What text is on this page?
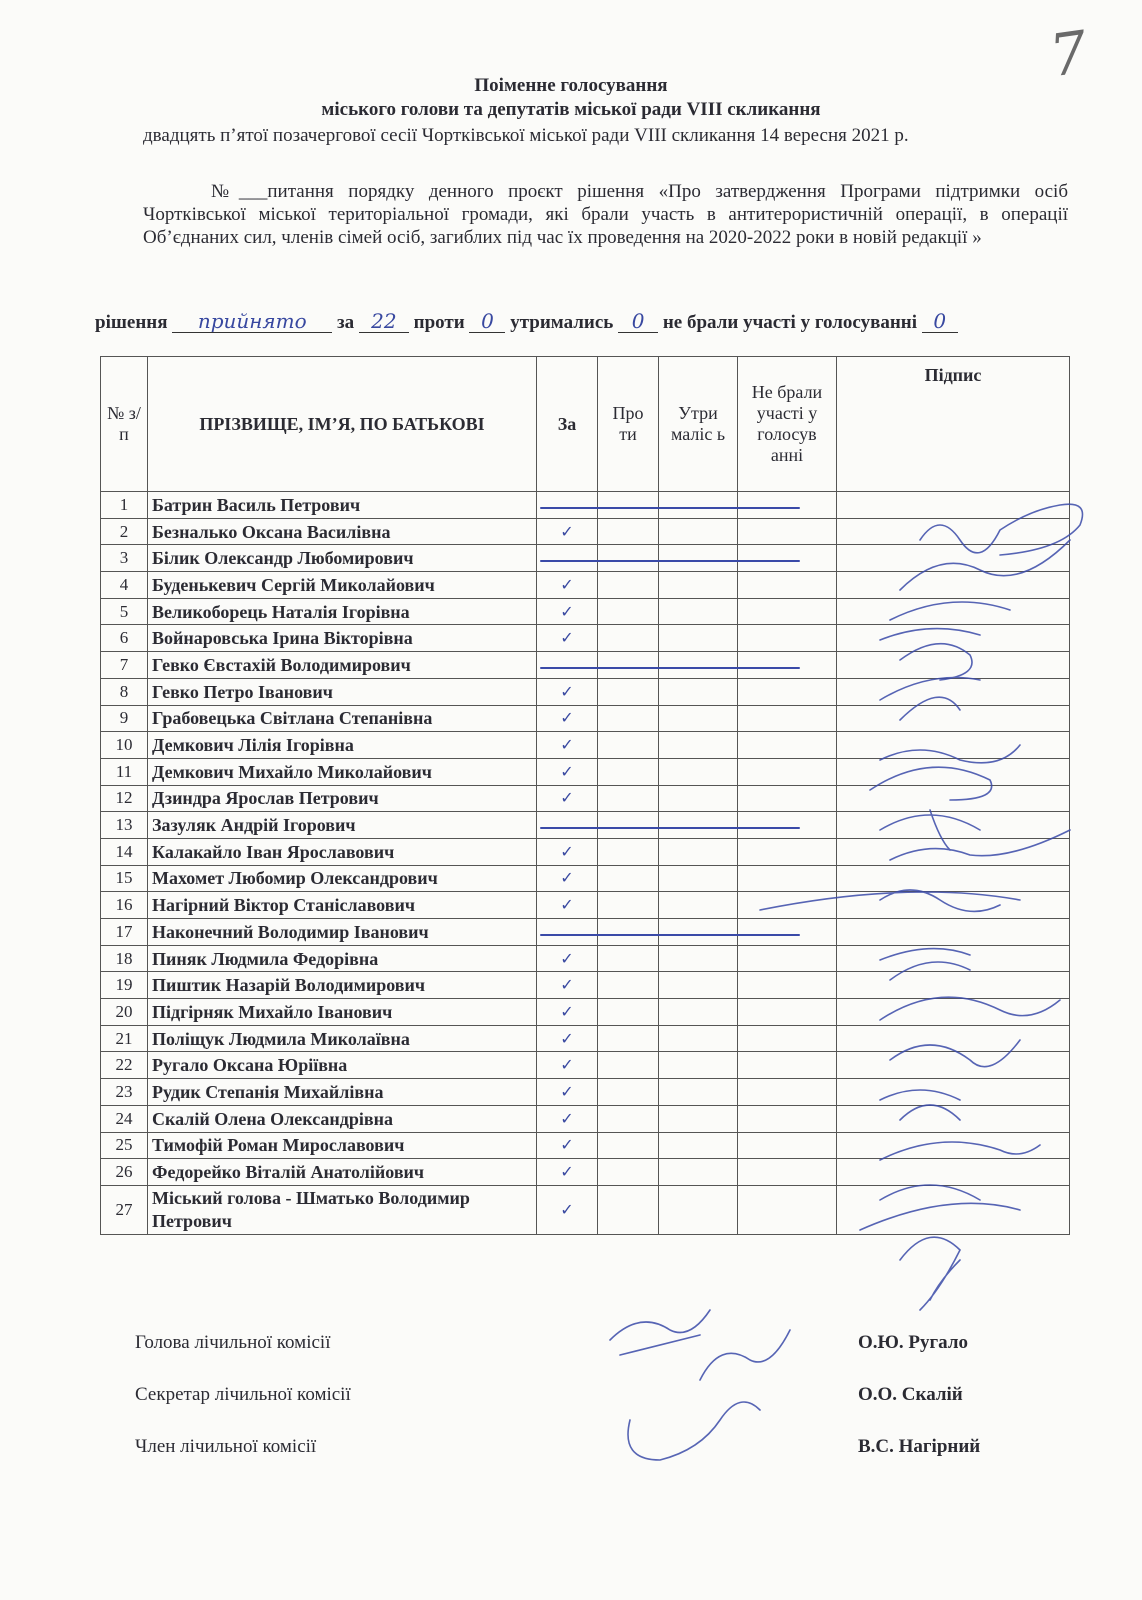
7
Поіменне голосування
міського голови та депутатів міської ради VIII скликання
двадцять п’ятої позачергової сесії Чортківської міської ради VIII скликання 14 вересня 2021 р.
№___питання порядку денного проєкт рішення «Про затвердження Програми підтримки осіб Чортківської міської територіальної громади, які брали участь в антитерористичній операції, в операції Об’єднаних сил, членів сімей осіб, загиблих під час їх проведення на 2020-2022 роки в новій редакції »
рішення прийнято за 22 проти 0 утримались 0 не брали участі у голосуванні 0
№ з/п	ПРІЗВИЩЕ, ІМ’Я, ПО БАТЬКОВІ	За	Про ти	Утри маліс ь	Не брали участі у голосув анні	Підпис
1	Батрин Василь Петрович					
2	Безналько Оксана Василівна	✓				
3	Білик Олександр Любомирович					
4	Буденькевич Сергій Миколайович	✓				
5	Великоборець Наталія Ігорівна	✓				
6	Войнаровська Ірина Вікторівна	✓				
7	Гевко Євстахій Володимирович					
8	Гевко Петро Іванович	✓				
9	Грабовецька Світлана Степанівна	✓				
10	Демкович Лілія Ігорівна	✓				
11	Демкович Михайло Миколайович	✓				
12	Дзиндра Ярослав Петрович	✓				
13	Зазуляк Андрій Ігорович					
14	Калакайло Іван Ярославович	✓				
15	Махомет Любомир Олександрович	✓				
16	Нагірний Віктор Станіславович	✓				
17	Наконечний Володимир Іванович					
18	Пиняк Людмила Федорівна	✓				
19	Пиштик Назарій Володимирович	✓				
20	Підгірняк Михайло Іванович	✓				
21	Поліщук Людмила Миколаївна	✓				
22	Ругало Оксана Юріївна	✓				
23	Рудик Степанія Михайлівна	✓				
24	Скалій Олена Олександрівна	✓				
25	Тимофій Роман Мирославович	✓				
26	Федорейко Віталій Анатолійович	✓				
27	Міський голова - Шматько Володимир Петрович	✓				
Голова лічильної комісії	О.Ю. Ругало
Секретар лічильної комісії	О.О. Скалій
Член лічильної комісії	В.С. Нагірний
